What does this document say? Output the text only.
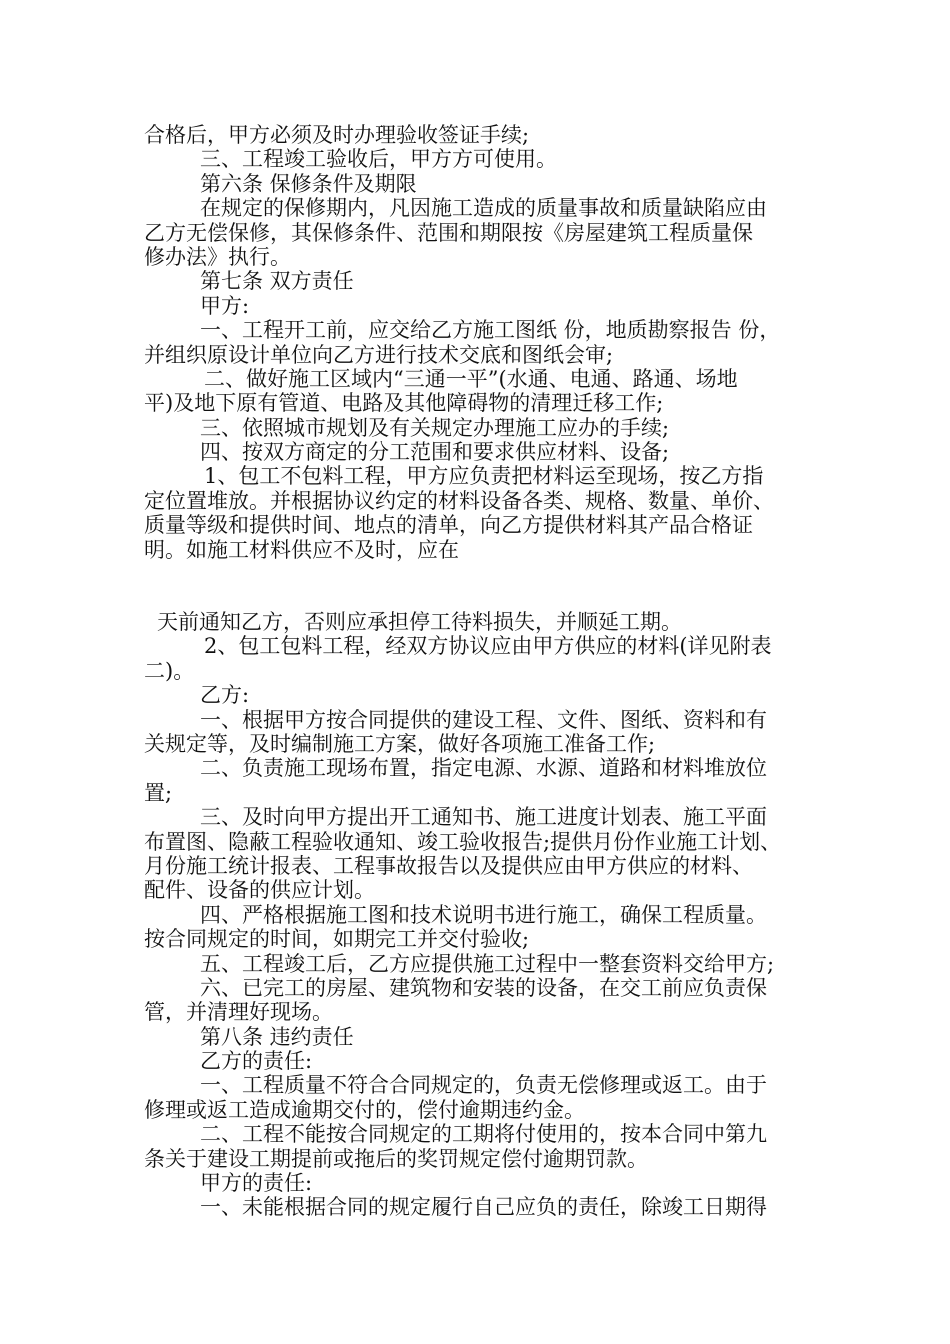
合格后，甲方必须及时办理验收签证手续;
三、工程竣工验收后，甲方方可使用。
第六条 保修条件及期限
在规定的保修期内，凡因施工造成的质量事故和质量缺陷应由
乙方无偿保修，其保修条件、范围和期限按《房屋建筑工程质量保
修办法》执行。
第七条 双方责任
甲方:
一、工程开工前，应交给乙方施工图纸 份，地质勘察报告 份，
并组织原设计单位向乙方进行技术交底和图纸会审;
二、做好施工区域内“三通一平”(水通、电通、路通、场地
平)及地下原有管道、电路及其他障碍物的清理迁移工作;
三、依照城市规划及有关规定办理施工应办的手续;
四、按双方商定的分工范围和要求供应材料、设备;
1、包工不包料工程，甲方应负责把材料运至现场，按乙方指
定位置堆放。并根据协议约定的材料设备各类、规格、数量、单价、
质量等级和提供时间、地点的清单，向乙方提供材料其产品合格证
明。如施工材料供应不及时，应在
天前通知乙方，否则应承担停工待料损失，并顺延工期。
2、包工包料工程，经双方协议应由甲方供应的材料(详见附表
二)。
乙方:
一、根据甲方按合同提供的建设工程、文件、图纸、资料和有
关规定等，及时编制施工方案，做好各项施工准备工作;
二、负责施工现场布置，指定电源、水源、道路和材料堆放位
置;
三、及时向甲方提出开工通知书、施工进度计划表、施工平面
布置图、隐蔽工程验收通知、竣工验收报告;提供月份作业施工计划、
月份施工统计报表、工程事故报告以及提供应由甲方供应的材料、
配件、设备的供应计划。
四、严格根据施工图和技术说明书进行施工，确保工程质量。
按合同规定的时间，如期完工并交付验收;
五、工程竣工后，乙方应提供施工过程中一整套资料交给甲方;
六、已完工的房屋、建筑物和安装的设备，在交工前应负责保
管，并清理好现场。
第八条 违约责任
乙方的责任:
一、工程质量不符合合同规定的，负责无偿修理或返工。由于
修理或返工造成逾期交付的，偿付逾期违约金。
二、工程不能按合同规定的工期将付使用的，按本合同中第九
条关于建设工期提前或拖后的奖罚规定偿付逾期罚款。
甲方的责任:
一、未能根据合同的规定履行自己应负的责任，除竣工日期得
